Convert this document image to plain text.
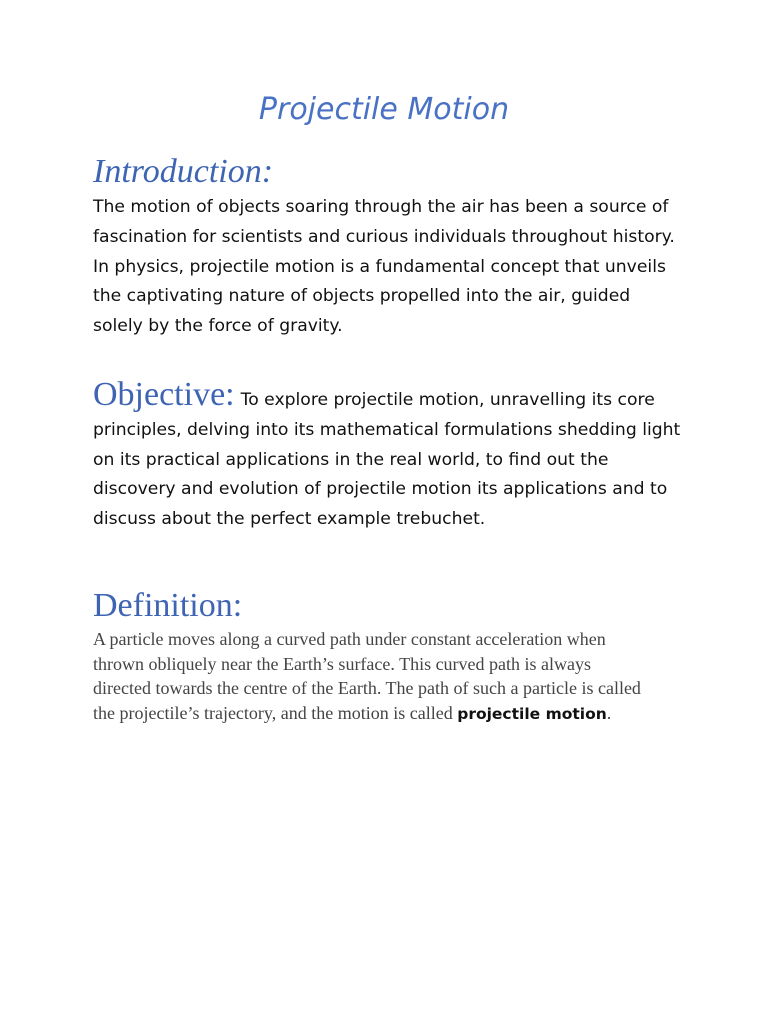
Projectile Motion
Introduction:

The motion of objects soaring through the air has been a source of fascination for scientists and curious individuals throughout history. In physics, projectile motion is a fundamental concept that unveils the captivating nature of objects propelled into the air, guided solely by the force of gravity.

Objective: To explore projectile motion, unravelling its core principles, delving into its mathematical formulations shedding light on its practical applications in the real world, to find out the discovery and evolution of projectile motion its applications and to discuss about the perfect example trebuchet.

Definition:

A particle moves along a curved path under constant acceleration when thrown obliquely near the Earth’s surface. This curved path is always directed towards the centre of the Earth. The path of such a particle is called the projectile’s trajectory, and the motion is called projectile motion.
